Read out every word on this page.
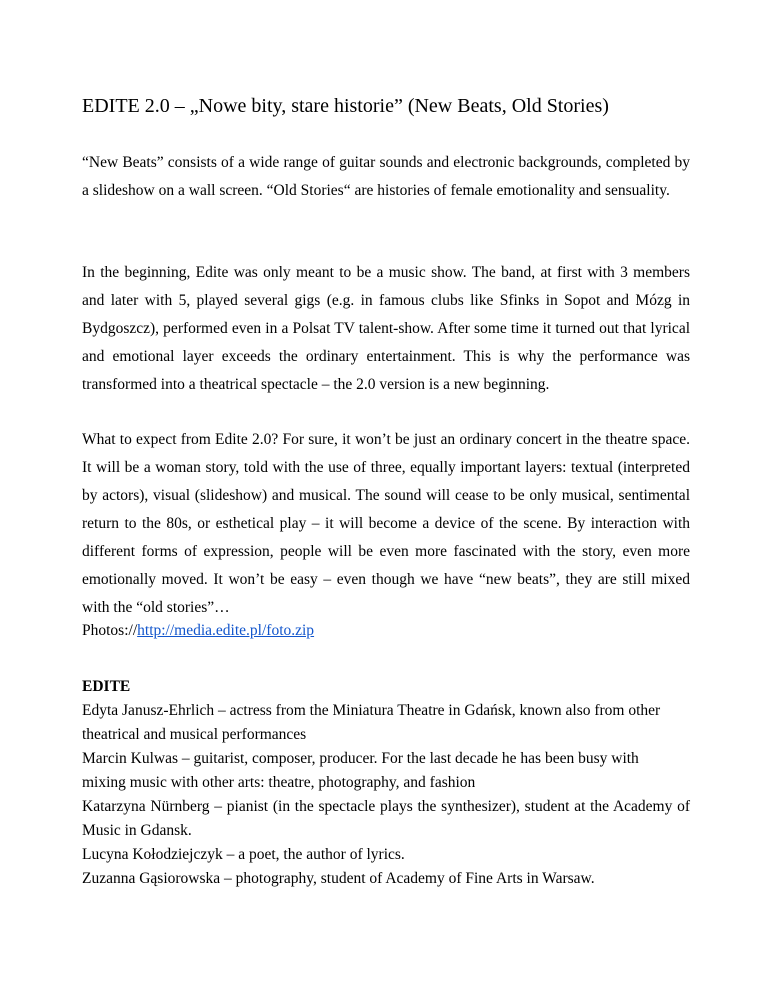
EDITE 2.0 – „Nowe bity, stare historie” (New Beats, Old Stories)

“New Beats” consists of a wide range of guitar sounds and electronic backgrounds, completed by a slideshow on a wall screen. “Old Stories“ are histories of female emotionality and sensuality.

In the beginning, Edite was only meant to be a music show. The band, at first with 3 members and later with 5, played several gigs (e.g. in famous clubs like Sfinks in Sopot and Mózg in Bydgoszcz), performed even in a Polsat TV talent-show. After some time it turned out that lyrical and emotional layer exceeds the ordinary entertainment. This is why the performance was transformed into a theatrical spectacle – the 2.0 version is a new beginning.

What to expect from Edite 2.0? For sure, it won’t be just an ordinary concert in the theatre space. It will be a woman story, told with the use of three, equally important layers: textual (interpreted by actors), visual (slideshow) and musical. The sound will cease to be only musical, sentimental return to the 80s, or esthetical play – it will become a device of the scene. By interaction with different forms of expression, people will be even more fascinated with the story, even more emotionally moved. It won’t be easy – even though we have “new beats”, they are still mixed with the “old stories”…

Photos://http://media.edite.pl/foto.zip
EDITE

Edyta Janusz-Ehrlich – actress from the Miniatura Theatre in Gdańsk, known also from other theatrical and musical performances

Marcin Kulwas – guitarist, composer, producer. For the last decade he has been busy with mixing music with other arts: theatre, photography, and fashion

Katarzyna Nürnberg – pianist (in the spectacle plays the synthesizer), student at the Academy of Music in Gdansk.

Lucyna Kołodziejczyk – a poet, the author of lyrics.

Zuzanna Gąsiorowska – photography, student of Academy of Fine Arts in Warsaw.
